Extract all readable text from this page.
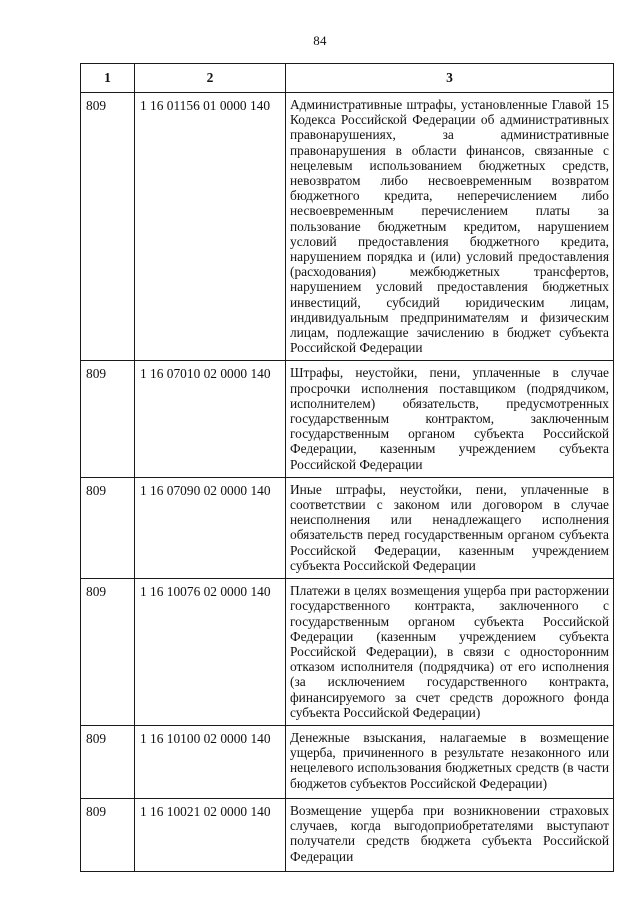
84
1	2	3
809	1 16 01156 01 0000 140	Административные штрафы, установленные Главой 15 Кодекса Российской Федерации об административных правонарушениях, за административные правонарушения в области финансов, связанные с нецелевым использованием бюджетных средств, невозвратом либо несвоевременным возвратом бюджетного кредита, неперечислением либо несвоевременным перечислением платы за пользование бюджетным кредитом, нарушением условий предоставления бюджетного кредита, нарушением порядка и (или) условий предоставления (расходования) межбюджетных трансфертов, нарушением условий предоставления бюджетных инвестиций, субсидий юридическим лицам, индивидуальным предпринимателям и физическим лицам, подлежащие зачислению в бюджет субъекта Российской Федерации
809	1 16 07010 02 0000 140	Штрафы, неустойки, пени, уплаченные в случае просрочки исполнения поставщиком (подрядчиком, исполнителем) обязательств, предусмотренных государственным контрактом, заключенным государственным органом субъекта Российской Федерации, казенным учреждением субъекта Российской Федерации
809	1 16 07090 02 0000 140	Иные штрафы, неустойки, пени, уплаченные в соответствии с законом или договором в случае неисполнения или ненадлежащего исполнения обязательств перед государственным органом субъекта Российской Федерации, казенным учреждением субъекта Российской Федерации
809	1 16 10076 02 0000 140	Платежи в целях возмещения ущерба при расторжении государственного контракта, заключенного с государственным органом субъекта Российской Федерации (казенным учреждением субъекта Российской Федерации), в связи с односторонним отказом исполнителя (подрядчика) от его исполнения (за исключением государственного контракта, финансируемого за счет средств дорожного фонда субъекта Российской Федерации)
809	1 16 10100 02 0000 140	Денежные взыскания, налагаемые в возмещение ущерба, причиненного в результате незаконного или нецелевого использования бюджетных средств (в части бюджетов субъектов Российской Федерации)
809	1 16 10021 02 0000 140	Возмещение ущерба при возникновении страховых случаев, когда выгодоприобретателями выступают получатели средств бюджета субъекта Российской Федерации
